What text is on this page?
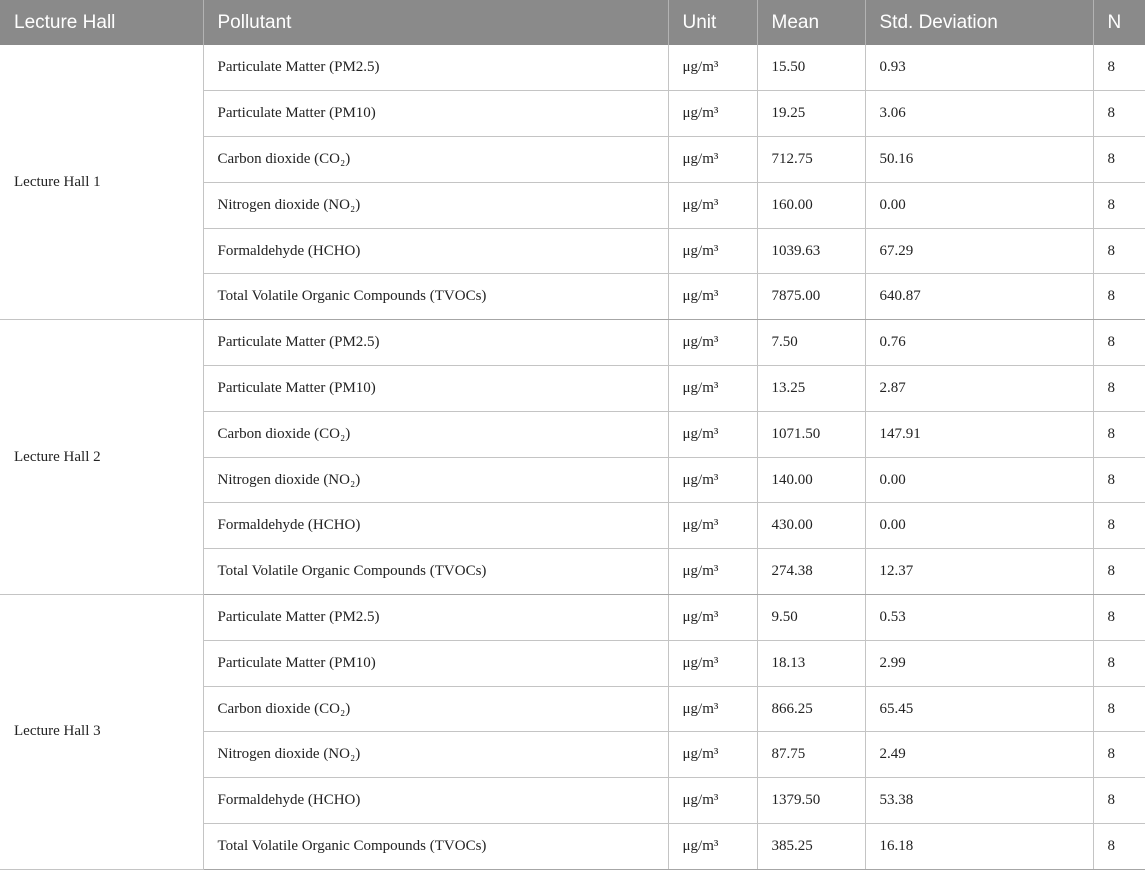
Lecture Hall	Pollutant	Unit	Mean	Std. Deviation	N
Lecture Hall 1	Particulate Matter (PM2.5)	μg/m³	15.50	0.93	8
	Particulate Matter (PM10)	μg/m³	19.25	3.06	8
	Carbon dioxide (CO₂)	μg/m³	712.75	50.16	8
	Nitrogen dioxide (NO₂)	μg/m³	160.00	0.00	8
	Formaldehyde (HCHO)	μg/m³	1039.63	67.29	8
	Total Volatile Organic Compounds (TVOCs)	μg/m³	7875.00	640.87	8
Lecture Hall 2	Particulate Matter (PM2.5)	μg/m³	7.50	0.76	8
	Particulate Matter (PM10)	μg/m³	13.25	2.87	8
	Carbon dioxide (CO₂)	μg/m³	1071.50	147.91	8
	Nitrogen dioxide (NO₂)	μg/m³	140.00	0.00	8
	Formaldehyde (HCHO)	μg/m³	430.00	0.00	8
	Total Volatile Organic Compounds (TVOCs)	μg/m³	274.38	12.37	8
Lecture Hall 3	Particulate Matter (PM2.5)	μg/m³	9.50	0.53	8
	Particulate Matter (PM10)	μg/m³	18.13	2.99	8
	Carbon dioxide (CO₂)	μg/m³	866.25	65.45	8
	Nitrogen dioxide (NO₂)	μg/m³	87.75	2.49	8
	Formaldehyde (HCHO)	μg/m³	1379.50	53.38	8
	Total Volatile Organic Compounds (TVOCs)	μg/m³	385.25	16.18	8
